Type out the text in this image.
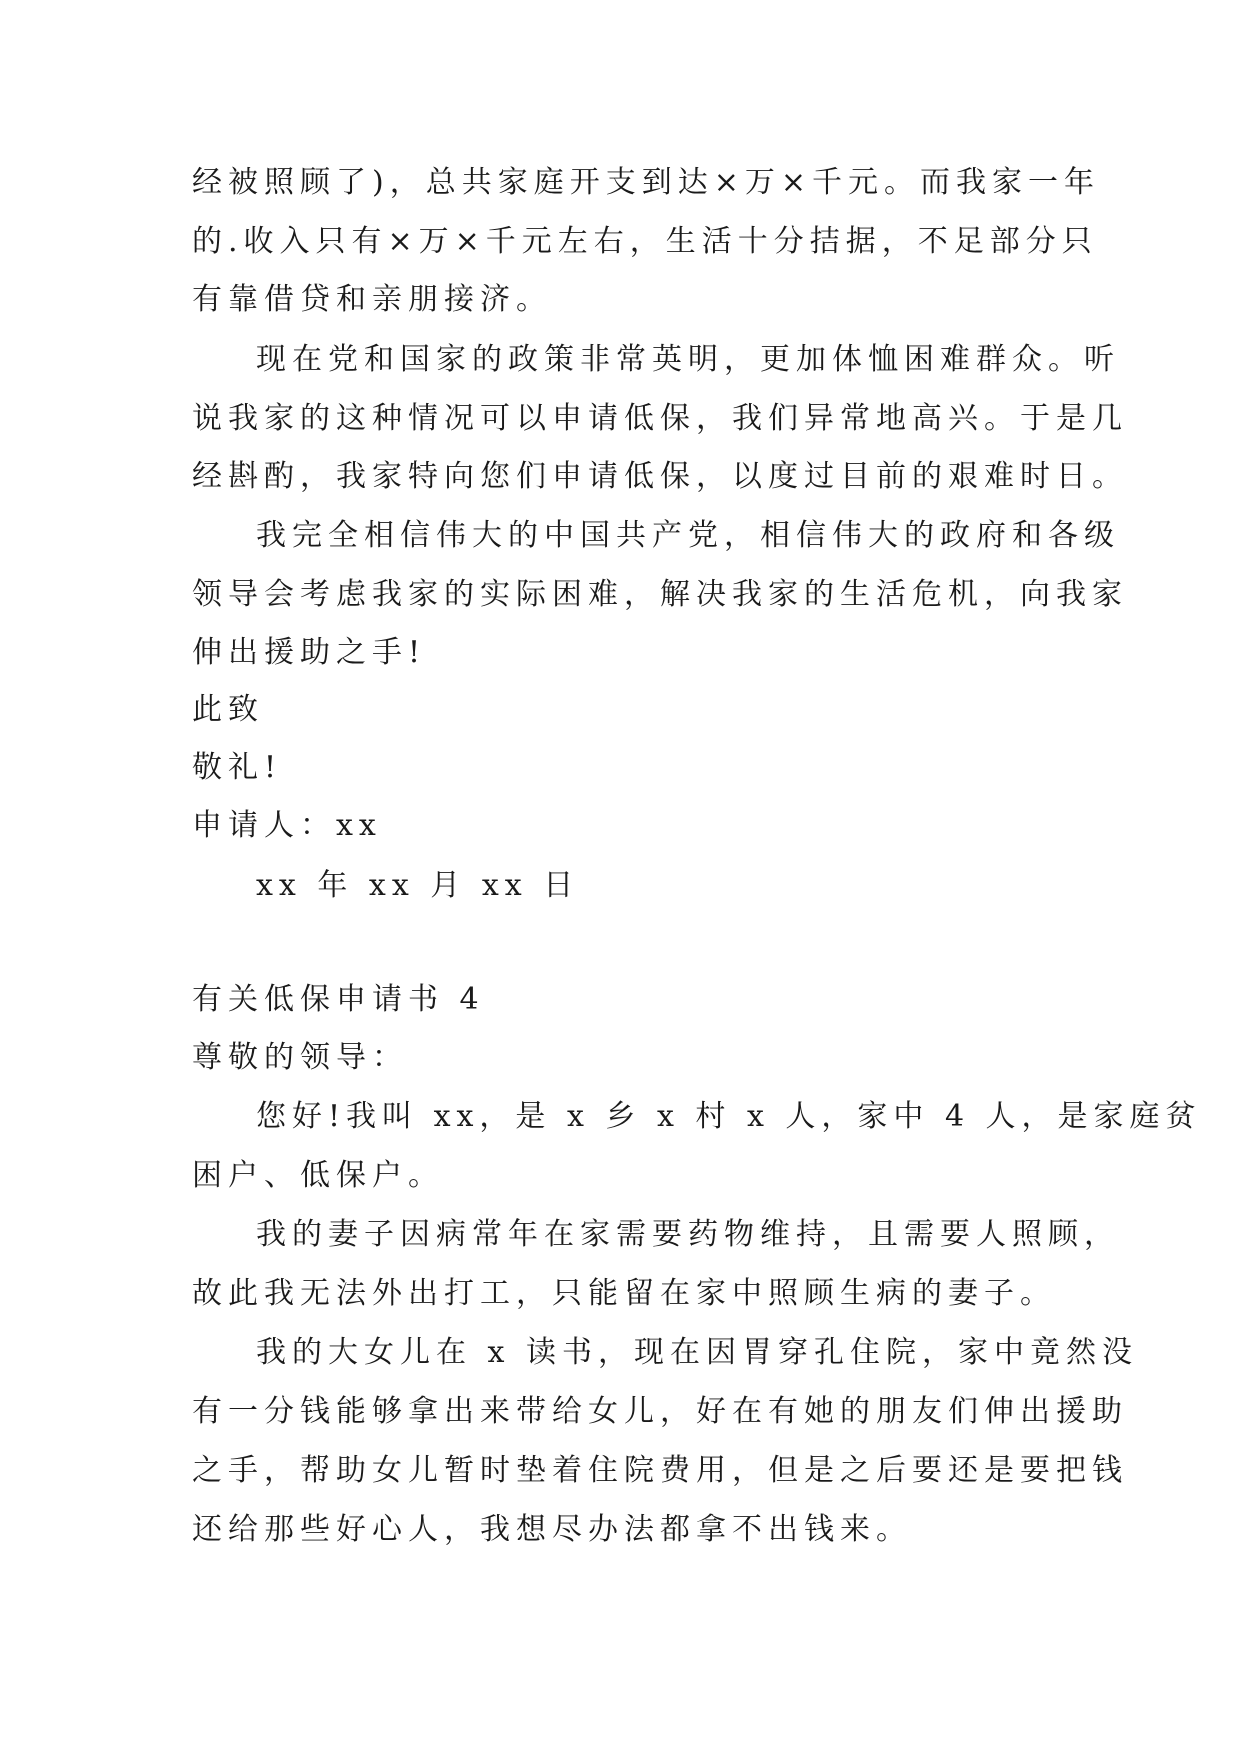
经被照顾了)，总共家庭开支到达×万×千元。而我家一年
的.收入只有×万×千元左右，生活十分拮据，不足部分只
有靠借贷和亲朋接济。
现在党和国家的政策非常英明，更加体恤困难群众。听
说我家的这种情况可以申请低保，我们异常地高兴。于是几
经斟酌，我家特向您们申请低保，以度过目前的艰难时日。
我完全相信伟大的中国共产党，相信伟大的政府和各级
领导会考虑我家的实际困难，解决我家的生活危机，向我家
伸出援助之手!
此致
敬礼!
申请人：xx
xx 年 xx 月 xx 日
有关低保申请书 4
尊敬的领导：
您好!我叫 xx，是 x 乡 x 村 x 人，家中 4 人，是家庭贫
困户、低保户。
我的妻子因病常年在家需要药物维持，且需要人照顾，
故此我无法外出打工，只能留在家中照顾生病的妻子。
我的大女儿在 x 读书，现在因胃穿孔住院，家中竟然没
有一分钱能够拿出来带给女儿，好在有她的朋友们伸出援助
之手，帮助女儿暂时垫着住院费用，但是之后要还是要把钱
还给那些好心人，我想尽办法都拿不出钱来。
